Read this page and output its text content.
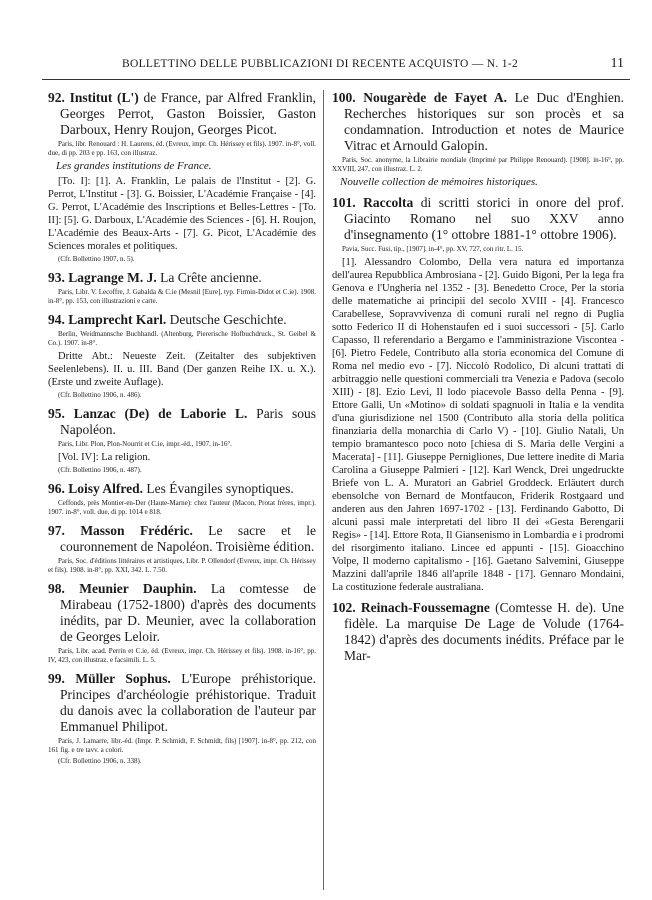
BOLLETTINO DELLE PUBBLICAZIONI DI RECENTE ACQUISTO — N. 1-2	11
92. Institut (L') de France, par Alfred Franklin, Georges Perrot, Gaston Boissier, Gaston Darboux, Henry Roujon, Georges Picot.
Paris, libr. Renouard : H. Laurens, éd. (Evreux, impr. Ch. Hérissey et fils). 1907. in-8°, voll. due, di pp. 203 e pp. 163, con illustraz.
Les grandes institutions de France.
[To. I]: [1]. A. Franklin, Le palais de l'Institut - [2]. G. Perrot, L'Institut - [3]. G. Boissier, L'Académie Française - [4]. G. Perrot, L'Académie des Inscriptions et Belles-Lettres - [To. II]: [5]. G. Darboux, L'Académie des Sciences - [6]. H. Roujon, L'Académie des Beaux-Arts - [7]. G. Picot, L'Académie des Sciences morales et politiques.
(Cfr. Bollettino 1907, n. 5).
93. Lagrange M. J. La Crête ancienne.
Paris, Libr. V. Lecoffre, J. Gabalda & C.ie (Mesnil [Eure], typ. Firmin-Didot et C.ie). 1908. in-8°, pp. 153, con illustrazioni e carte.
94. Lamprecht Karl. Deutsche Geschichte.
Berlin, Weidmannsche Buchhandl. (Altenburg, Piererische Hofbuchdruck., St. Geibel & Co.). 1907. in-8°.
Dritte Abt.: Neueste Zeit. (Zeitalter des subjektiven Seelenlebens). II. u. III. Band (Der ganzen Reihe IX. u. X.). (Erste und zweite Auflage).
(Cfr. Bollettino 1906, n. 486).
95. Lanzac (De) de Laborie L. Paris sous Napoléon.
Paris, Libr. Plon, Plon-Nourrit et C.ie, impr.-éd., 1907. in-16°.
[Vol. IV]: La religion.
(Cfr. Bollettino 1906, n. 487).
96. Loisy Alfred. Les Évangiles synoptiques.
Ceffonds, près Montier-en-Der (Haute-Marne): chez l'auteur (Macon, Protat frères, impr.). 1907. in-8°, voll. due, di pp. 1014 e 818.
97. Masson Frédéric. Le sacre et le couronnement de Napoléon. Troisième édition.
Paris, Soc. d'éditions littéraires et artistiques, Libr. P. Ollendorf (Evreux, impr. Ch. Hérissey et fils). 1908. in-8°, pp. XXI, 342. L. 7.50.
98. Meunier Dauphin. La comtesse de Mirabeau (1752-1800) d'après des documents inédits, par D. Meunier, avec la collaboration de Georges Leloir.
Paris, Libr. acad. Perrin et C.ie, éd. (Evreux, impr. Ch. Hérissey et fils). 1908. in-16°, pp. IV, 423, con illustraz. e facsimili. L. 5.
99. Müller Sophus. L'Europe préhistorique. Principes d'archéologie préhistorique. Traduit du danois avec la collaboration de l'auteur par Emmanuel Philipot.
Paris, J. Lamarre, libr.-éd. (Impr. P. Schmidt, F. Schmidt, fils) [1907]. in-8°, pp. 212, con 161 fig. e tre tavv. a colori.
(Cfr. Bollettino 1906, n. 338).
100. Nougarède de Fayet A. Le Duc d'Enghien. Recherches historiques sur son procès et sa condamnation. Introduction et notes de Maurice Vitrac et Arnould Galopin.
Paris, Soc. anonyme, la Librairie mondiale (Imprimé par Philippe Renouard). [1908]. in-16°, pp. XXVIII, 247, con illustraz. L. 2.
Nouvelle collection de mémoires historiques.
101. Raccolta di scritti storici in onore del prof. Giacinto Romano nel suo XXV anno d'insegnamento (1° ottobre 1881-1° ottobre 1906).
Pavia, Succ. Fusi, tip., [1907]. in-4°, pp. XV, 727, con ritr. L. 15.
[1]. Alessandro Colombo, Della vera natura ed importanza dell'aurea Repubblica Ambrosiana - [2]. Guido Bigoni, Per la lega fra Genova e l'Ungheria nel 1352 - [3]. Benedetto Croce, Per la storia delle matematiche ai principii del secolo XVIII - [4]. Francesco Carabellese, Sopravvivenza di comuni rurali nel regno di Puglia sotto Federico II di Hohenstaufen ed i suoi successori - [5]. Carlo Capasso, Il referendario a Bergamo e l'amministrazione Viscontea - [6]. Pietro Fedele, Contributo alla storia economica del Comune di Roma nel medio evo - [7]. Niccolò Rodolico, Di alcuni trattati di arbitraggio nelle questioni commerciali tra Venezia e Padova (secolo XIII) - [8]. Ezio Levi, Il lodo piacevole Basso della Penna - [9]. Ettore Galli, Un «Motino» di soldati spagnuoli in Italia e la vendita d'una giurisdizione nel 1500 (Contributo alla storia della politica finanziaria della monarchia di Carlo V) - [10]. Giulio Natali, Un tempio bramantesco poco noto [chiesa di S. Maria delle Vergini a Macerata] - [11]. Giuseppe Pernigliones, Due lettere inedite di Maria Carolina a Giuseppe Palmieri - [12]. Karl Wenck, Drei ungedruckte Briefe von L. A. Muratori an Gabriel Groddeck. Erläutert durch ebensolche von Bernard de Montfaucon, Friderik Rostgaard und anderen aus den Jahren 1697-1702 - [13]. Ferdinando Gabotto, Di alcuni passi male interpretati del libro II dei «Gesta Berengarii Regis» - [14]. Ettore Rota, Il Giansenismo in Lombardia e i prodromi del risorgimento italiano. Lincee ed appunti - [15]. Gioacchino Volpe, Il moderno capitalismo - [16]. Gaetano Salvemini, Giuseppe Mazzini dall'aprile 1846 all'aprile 1848 - [17]. Gennaro Mondaini, La costituzione federale australiana.
102. Reinach-Foussemagne (Comtesse H. de). Une fidèle. La marquise De Lage de Volude (1764-1842) d'après des documents inédits. Préface par le Mar-
